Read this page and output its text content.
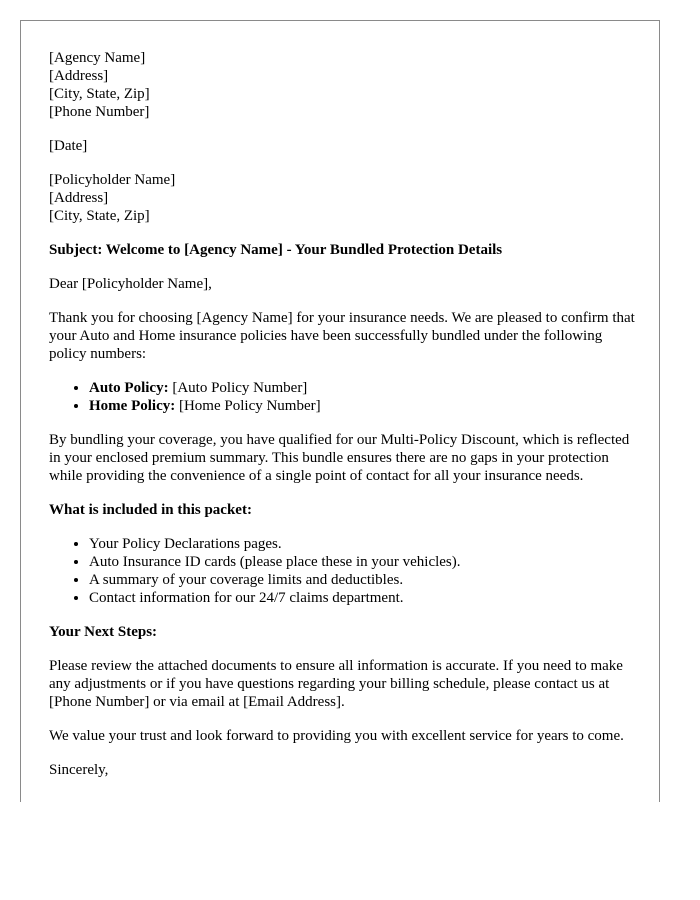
[Agency Name]
[Address]
[City, State, Zip]
[Phone Number]

[Date]

[Policyholder Name]
[Address]
[City, State, Zip]

Subject: Welcome to [Agency Name] - Your Bundled Protection Details

Dear [Policyholder Name],

Thank you for choosing [Agency Name] for your insurance needs. We are pleased to confirm that your Auto and Home insurance policies have been successfully bundled under the following policy numbers:

• Auto Policy: [Auto Policy Number]
• Home Policy: [Home Policy Number]

By bundling your coverage, you have qualified for our Multi-Policy Discount, which is reflected in your enclosed premium summary. This bundle ensures there are no gaps in your protection while providing the convenience of a single point of contact for all your insurance needs.

What is included in this packet:

• Your Policy Declarations pages.
• Auto Insurance ID cards (please place these in your vehicles).
• A summary of your coverage limits and deductibles.
• Contact information for our 24/7 claims department.

Your Next Steps:

Please review the attached documents to ensure all information is accurate. If you need to make any adjustments or if you have questions regarding your billing schedule, please contact us at [Phone Number] or via email at [Email Address].

We value your trust and look forward to providing you with excellent service for years to come.

Sincerely,
